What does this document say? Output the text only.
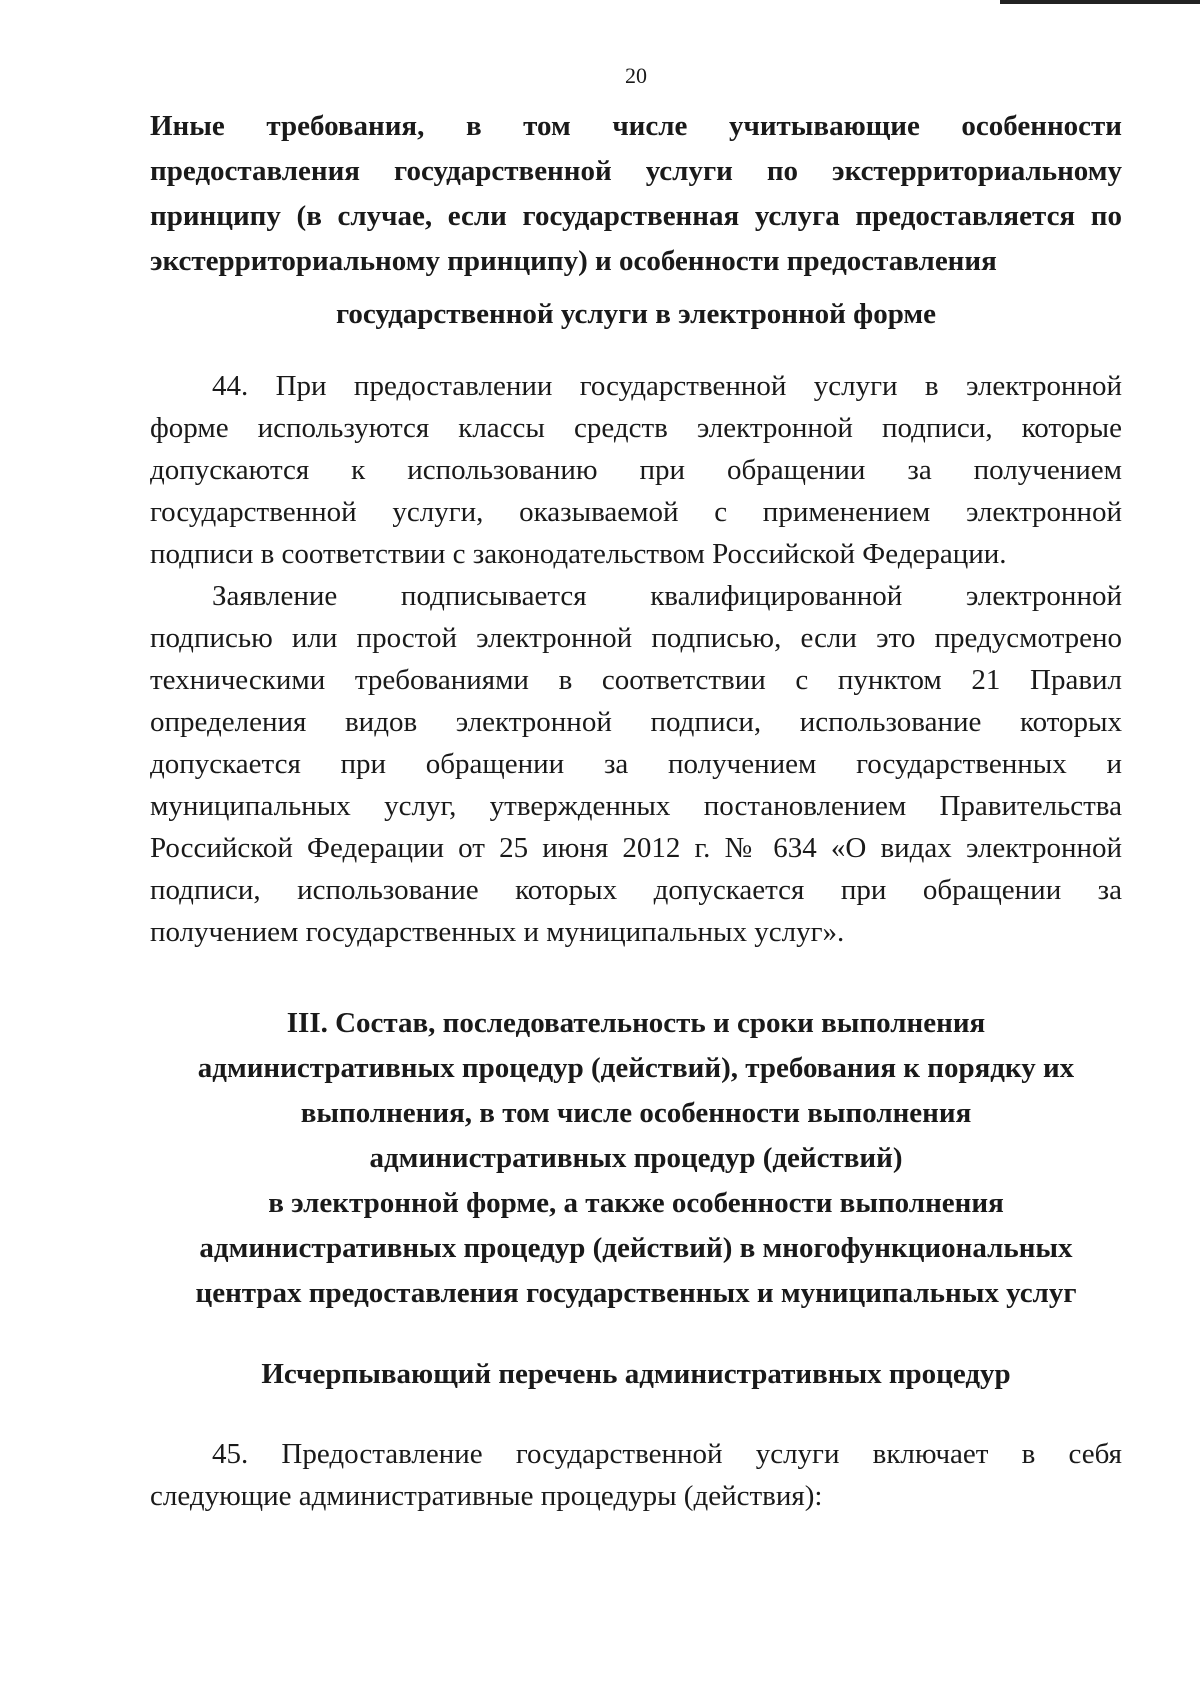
20
Иные требования, в том числе учитывающие особенности
предоставления государственной услуги по экстерриториальному
принципу (в случае, если государственная услуга предоставляется по
экстерриториальному принципу) и особенности предоставления
государственной услуги в электронной форме
44. При предоставлении государственной услуги в электронной
форме используются классы средств электронной подписи, которые
допускаются к использованию при обращении за получением
государственной услуги, оказываемой с применением электронной
подписи в соответствии с законодательством Российской Федерации.
Заявление подписывается квалифицированной электронной
подписью или простой электронной подписью, если это предусмотрено
техническими требованиями в соответствии с пунктом 21 Правил
определения видов электронной подписи, использование которых
допускается при обращении за получением государственных и
муниципальных услуг, утвержденных постановлением Правительства
Российской Федерации от 25 июня 2012 г. № 634 «О видах электронной
подписи, использование которых допускается при обращении за
получением государственных и муниципальных услуг».
III. Состав, последовательность и сроки выполнения
административных процедур (действий), требования к порядку их
выполнения, в том числе особенности выполнения
административных процедур (действий)
в электронной форме, а также особенности выполнения
административных процедур (действий) в многофункциональных
центрах предоставления государственных и муниципальных услуг
Исчерпывающий перечень административных процедур
45. Предоставление государственной услуги включает в себя
следующие административные процедуры (действия):
